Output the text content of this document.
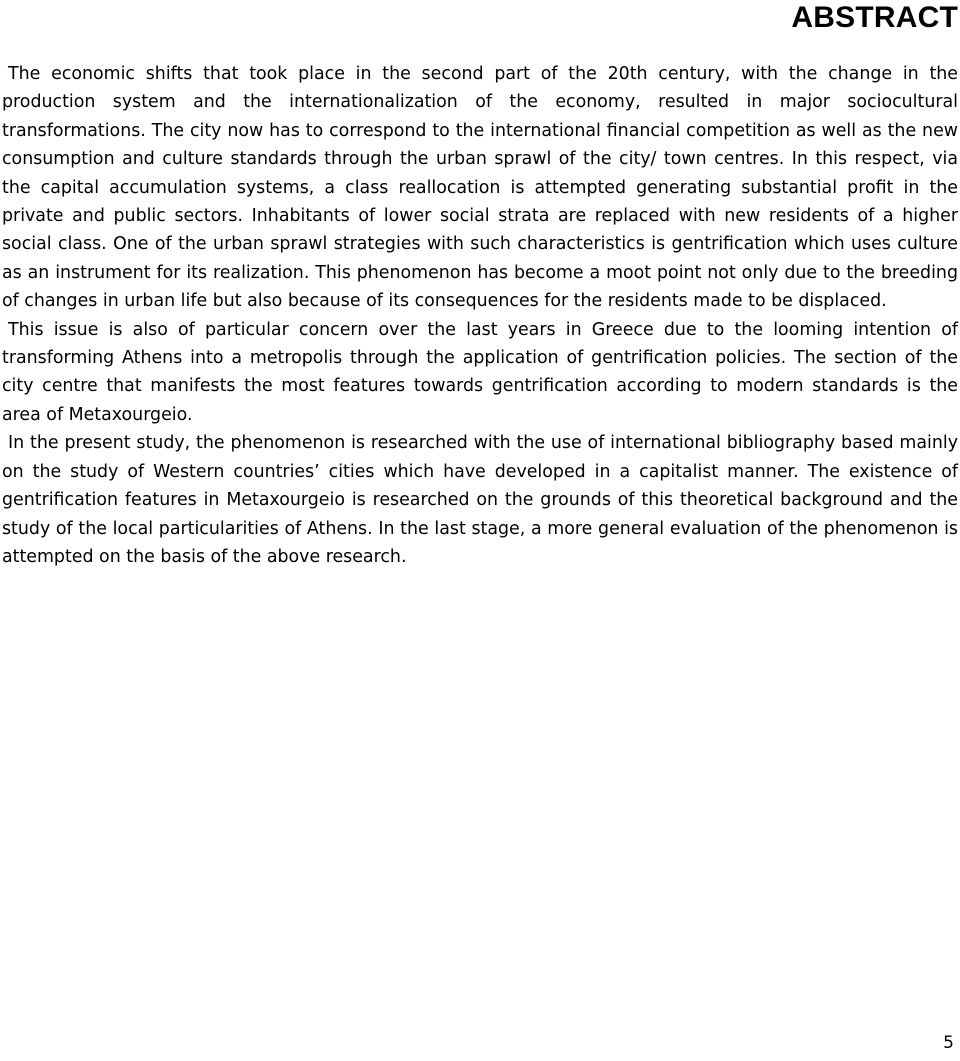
ABSTRACT

The economic shifts that took place in the second part of the 20th century, with the change in the production system and the internationalization of the economy, resulted in major sociocultural transformations. The city now has to correspond to the international financial competition as well as the new consumption and culture standards through the urban sprawl of the city/ town centres. In this respect, via the capital accumulation systems, a class reallocation is attempted generating substantial profit in the private and public sectors. Inhabitants of lower social strata are replaced with new residents of a higher social class. One of the urban sprawl strategies with such characteristics is gentrification which uses culture as an instrument for its realization. This phenomenon has become a moot point not only due to the breeding of changes in urban life but also because of its consequences for the residents made to be displaced.

This issue is also of particular concern over the last years in Greece due to the looming intention of transforming Athens into a metropolis through the application of gentrification policies. The section of the city centre that manifests the most features towards gentrification according to modern standards is the area of Metaxourgeio.

In the present study, the phenomenon is researched with the use of international bibliography based mainly on the study of Western countries’ cities which have developed in a capitalist manner. The existence of gentrification features in Metaxourgeio is researched on the grounds of this theoretical background and the study of the local particularities of Athens. In the last stage, a more general evaluation of the phenomenon is attempted on the basis of the above research.

5
